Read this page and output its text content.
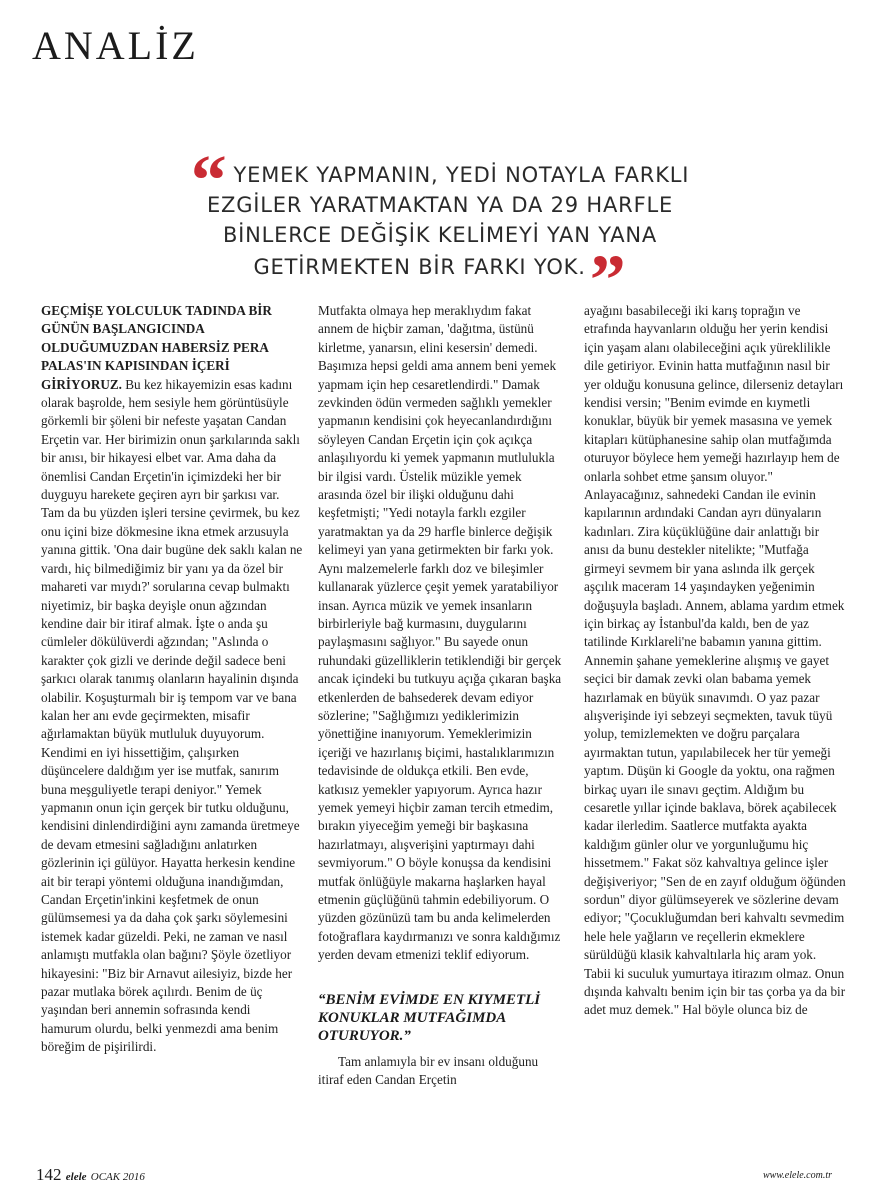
ANALİZ
“ YEMEK YAPMANIN, YEDİ NOTAYLA FARKLI
EZGİLER YARATMAKTAN YA DA 29 HARFLE
BİNLERCE DEĞİŞİK KELİMEYİ YAN YANA
GETİRMEKTEN BİR FARKI YOK.”

GEÇMİŞE YOLCULUK TADINDA BİR GÜNÜN BAŞLANGICINDA OLDUĞUMUZDAN HABERSİZ PERA PALAS'IN KAPISINDAN İÇERİ GİRİYORUZ. Bu kez hikayemizin esas kadını olarak başrolde, hem sesiyle hem görüntüsüyle görkemli bir şöleni bir nefeste yaşatan Candan Erçetin var. Her birimizin onun şarkılarında saklı bir anısı, bir hikayesi elbet var. Ama daha da önemlisi Candan Erçetin'in içimizdeki her bir duyguyu harekete geçiren ayrı bir şarkısı var. Tam da bu yüzden işleri tersine çevirmek, bu kez onu içini bize dökmesine ikna etmek arzusuyla yanına gittik. 'Ona dair bugüne dek saklı kalan ne vardı, hiç bilmediğimiz bir yanı ya da özel bir mahareti var mıydı?' sorularına cevap bulmaktı niyetimiz, bir başka deyişle onun ağzından kendine dair bir itiraf almak. İşte o anda şu cümleler dökülüverdi ağzından; "Aslında o karakter çok gizli ve derinde değil sadece beni şarkıcı olarak tanımış olanların hayalinin dışında olabilir. Koşuşturmalı bir iş tempom var ve bana kalan her anı evde geçirmekten, misafir ağırlamaktan büyük mutluluk duyuyorum. Kendimi en iyi hissettiğim, çalışırken düşüncelere daldığım yer ise mutfak, sanırım buna meşguliyetle terapi deniyor." Yemek yapmanın onun için gerçek bir tutku olduğunu, kendisini dinlendirdiğini aynı zamanda üretmeye de devam etmesini sağladığını anlatırken gözlerinin içi gülüyor. Hayatta herkesin kendine ait bir terapi yöntemi olduğuna inandığımdan, Candan Erçetin'inkini keşfetmek de onun gülümsemesi ya da daha çok şarkı söylemesini istemek kadar güzeldi. Peki, ne zaman ve nasıl anlamıştı mutfakla olan bağını? Şöyle özetliyor hikayesini: "Biz bir Arnavut ailesiyiz, bizde her pazar mutlaka börek açılırdı. Benim de üç yaşından beri annemin sofrasında kendi hamurum olurdu, belki yenmezdi ama benim böreğim de pişirilirdi.

Mutfakta olmaya hep meraklıydım fakat annem de hiçbir zaman, 'dağıtma, üstünü kirletme, yanarsın, elini kesersin' demedi. Başımıza hepsi geldi ama annem beni yemek yapmam için hep cesaretlendirdi." Damak zevkinden ödün vermeden sağlıklı yemekler yapmanın kendisini çok heyecanlandırdığını söyleyen Candan Erçetin için çok açıkça anlaşılıyordu ki yemek yapmanın mutlulukla bir ilgisi vardı. Üstelik müzikle yemek arasında özel bir ilişki olduğunu dahi keşfetmişti; "Yedi notayla farklı ezgiler yaratmaktan ya da 29 harfle binlerce değişik kelimeyi yan yana getirmekten bir farkı yok. Aynı malzemelerle farklı doz ve bileşimler kullanarak yüzlerce çeşit yemek yaratabiliyor insan. Ayrıca müzik ve yemek insanların birbirleriyle bağ kurmasını, duygularını paylaşmasını sağlıyor." Bu sayede onun ruhundaki güzelliklerin tetiklendiği bir gerçek ancak içindeki bu tutkuyu açığa çıkaran başka etkenlerden de bahsederek devam ediyor sözlerine; "Sağlığımızı yediklerimizin yönettiğine inanıyorum. Yemeklerimizin içeriği ve hazırlanış biçimi, hastalıklarımızın tedavisinde de oldukça etkili. Ben evde, katkısız yemekler yapıyorum. Ayrıca hazır yemek yemeyi hiçbir zaman tercih etmedim, bırakın yiyeceğim yemeği bir başkasına hazırlatmayı, alışverişini yaptırmayı dahi sevmiyorum." O böyle konuşsa da kendisini mutfak önlüğüyle makarna haşlarken hayal etmenin güçlüğünü tahmin edebiliyorum. O yüzden gözünüzü tam bu anda kelimelerden fotoğraflara kaydırmanızı ve sonra kaldığımız yerden devam etmenizi teklif ediyorum.

“BENİM EVİMDE EN KIYMETLİ KONUKLAR MUTFAĞIMDA OTURUYOR.”

Tam anlamıyla bir ev insanı olduğunu itiraf eden Candan Erçetin

ayağını basabileceği iki karış toprağın ve etrafında hayvanların olduğu her yerin kendisi için yaşam alanı olabileceğini açık yüreklilikle dile getiriyor. Evinin hatta mutfağının nasıl bir yer olduğu konusuna gelince, dilerseniz detayları kendisi versin; "Benim evimde en kıymetli konuklar, büyük bir yemek masasına ve yemek kitapları kütüphanesine sahip olan mutfağımda oturuyor böylece hem yemeği hazırlayıp hem de onlarla sohbet etme şansım oluyor." Anlayacağınız, sahnedeki Candan ile evinin kapılarının ardındaki Candan ayrı dünyaların kadınları. Zira küçüklüğüne dair anlattığı bir anısı da bunu destekler nitelikte; "Mutfağa girmeyi sevmem bir yana aslında ilk gerçek aşçılık maceram 14 yaşındayken yeğenimin doğuşuyla başladı. Annem, ablama yardım etmek için birkaç ay İstanbul'da kaldı, ben de yaz tatilinde Kırklareli'ne babamın yanına gittim. Annemin şahane yemeklerine alışmış ve gayet seçici bir damak zevki olan babama yemek hazırlamak en büyük sınavımdı. O yaz pazar alışverişinde iyi sebzeyi seçmekten, tavuk tüyü yolup, temizlemekten ve doğru parçalara ayırmaktan tutun, yapılabilecek her tür yemeği yaptım. Düşün ki Google da yoktu, ona rağmen birkaç uyarı ile sınavı geçtim. Aldığım bu cesaretle yıllar içinde baklava, börek açabilecek kadar ilerledim. Saatlerce mutfakta ayakta kaldığım günler olur ve yorgunluğumu hiç hissetmem." Fakat söz kahvaltıya gelince işler değişiveriyor; "Sen de en zayıf olduğum öğünden sordun" diyor gülümseyerek ve sözlerine devam ediyor; "Çocukluğumdan beri kahvaltı sevmedim hele hele yağların ve reçellerin ekmeklere sürüldüğü klasik kahvaltılarla hiç aram yok. Tabii ki suculuk yumurtaya itirazım olmaz. Onun dışında kahvaltı benim için bir tas çorba ya da bir adet muz demek." Hal böyle olunca biz de

142 elele OCAK 2016	www.elele.com.tr
